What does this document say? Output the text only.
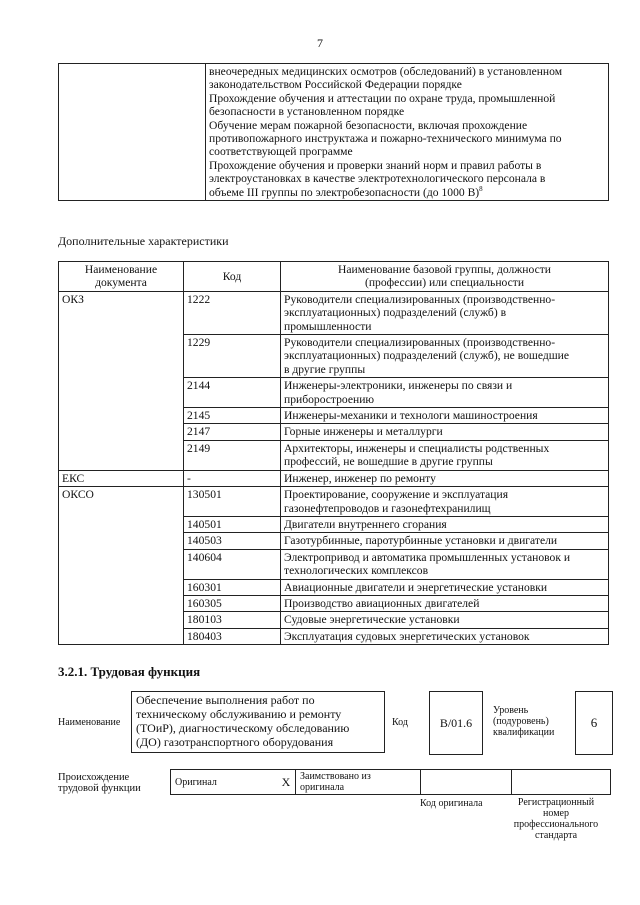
7

внеочередных медицинских осмотров (обследований) в установленном
законодательством Российской Федерации порядке
Прохождение обучения и аттестации по охране труда, промышленной
безопасности в установленном порядке
Обучение мерам пожарной безопасности, включая прохождение
противопожарного инструктажа и пожарно-технического минимума по
соответствующей программе
Прохождение обучения и проверки знаний норм и правил работы в
электроустановках в качестве электротехнологического персонала в
объеме III группы по электробезопасности (до 1000 В)$^8$
Дополнительные характеристики
Наименование
документа	Код	Наименование базовой группы, должности
(профессии) или специальности

ОКЗ	1222	Руководители специализированных (производственно-
эксплуатационных) подразделений (служб) в
промышленности

	1229	Руководители специализированных (производственно-
эксплуатационных) подразделений (служб), не вошедшие
в другие группы

	2144	Инженеры-электроники, инженеры по связи и
приборостроению

	2145	Инженеры-механики и технологи машиностроения

	2147	Горные инженеры и металлурги

	2149	Архитекторы, инженеры и специалисты родственных
профессий, не вошедшие в другие группы

ЕКС	-	Инженер, инженер по ремонту

ОКСО	130501	Проектирование, сооружение и эксплуатация
газонефтепроводов и газонефтехранилищ

	140501	Двигатели внутреннего сгорания

	140503	Газотурбинные, паротурбинные установки и двигатели

	140604	Электропривод и автоматика промышленных установок и
технологических комплексов

	160301	Авиационные двигатели и энергетические установки

	160305	Производство авиационных двигателей

	180103	Судовые энергетические установки

	180403	Эксплуатация судовых энергетических установок
3.2.1. Трудовая функция
Наименование
Обеспечение выполнения работ по
техническому обслуживанию и ремонту
(ТОиР), диагностическому обследованию
(ДО) газотранспортного оборудования
Код	B/01.6
Уровень
(подуровень)
квалификации
6
Происхождение
трудовой функции
Оригинал	X	Заимствовано из
оригинала

Код оригинала	Регистрационный
номер
профессионального
стандарта
